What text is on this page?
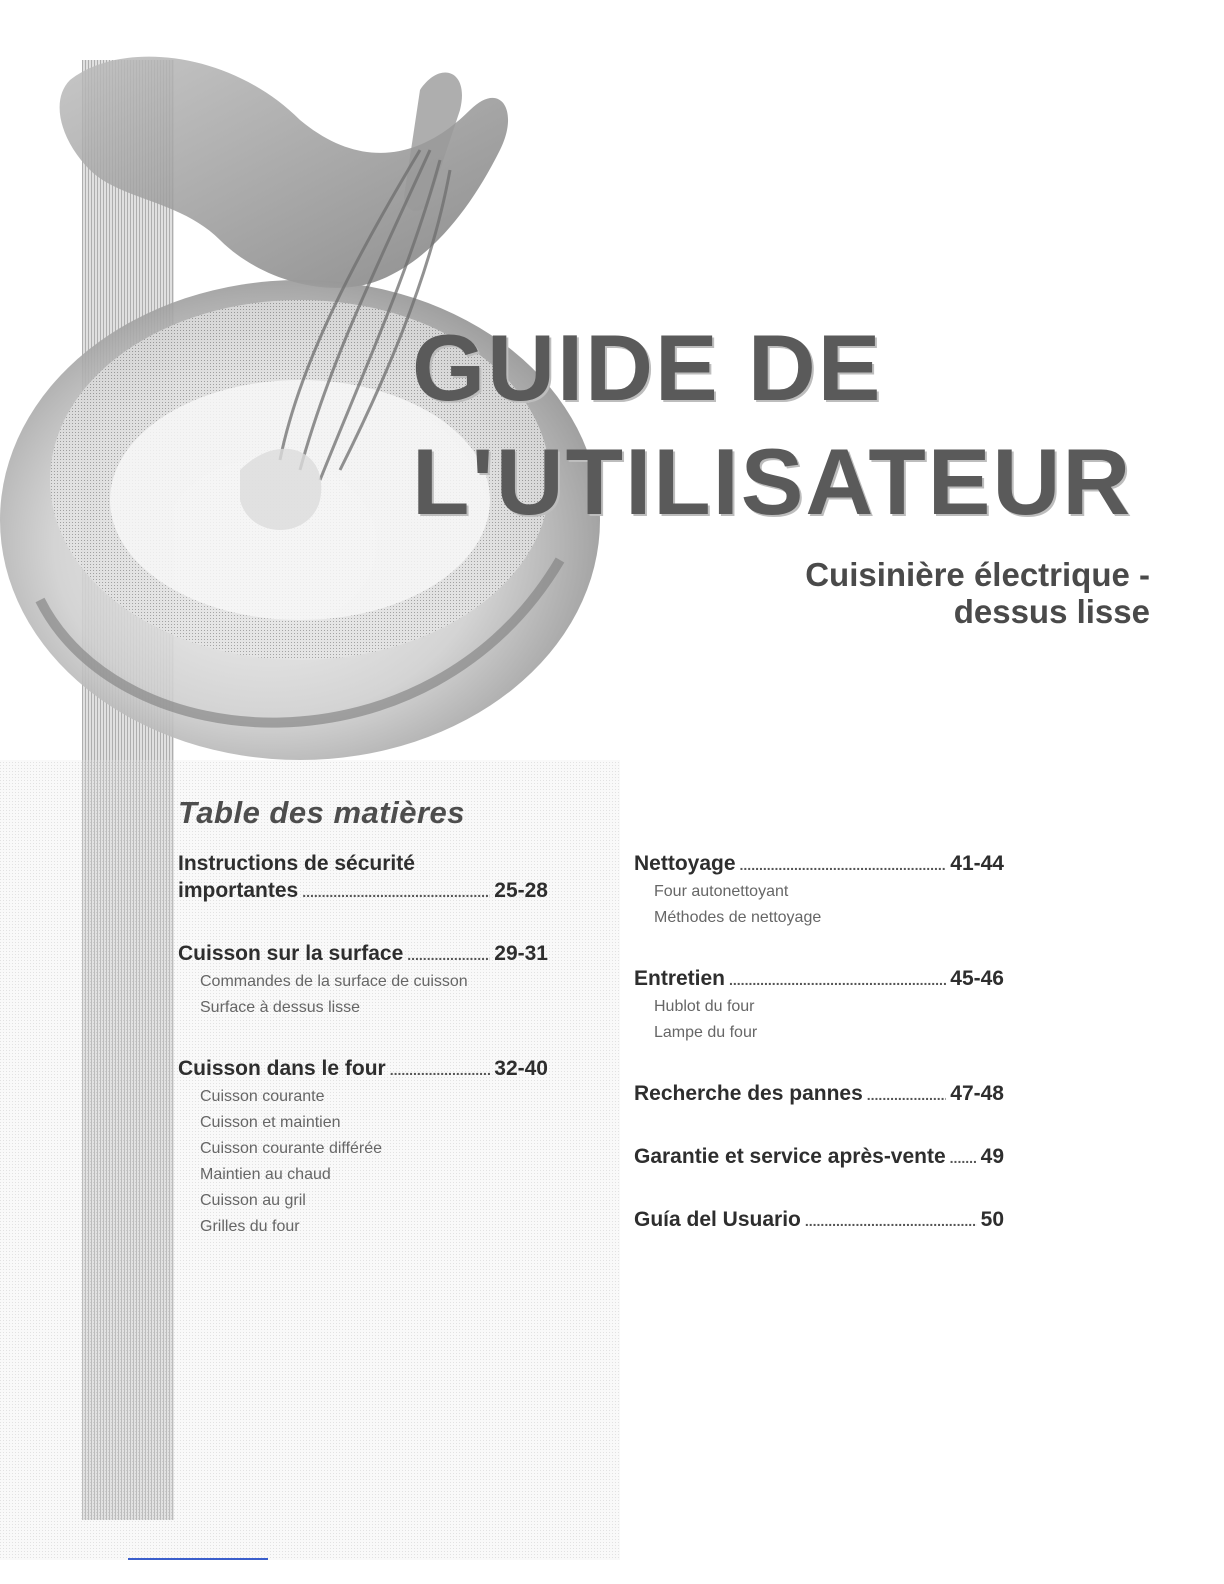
GUIDE DE
L'UTILISATEUR
Cuisinière électrique -
dessus lisse
Table des matières
Instructions de sécurité
importantes .....	25-28
Cuisson sur la surface .....	29-31
Commandes de la surface de cuisson
Surface à dessus lisse
Cuisson dans le four .....	32-40
Cuisson courante
Cuisson et maintien
Cuisson courante différée
Maintien au chaud
Cuisson au gril
Grilles du four
Nettoyage .....	41-44
Four autonettoyant
Méthodes de nettoyage
Entretien .....	45-46
Hublot du four
Lampe du four
Recherche des pannes .....	47-48
Garantie et service après-vente ..... 49
Guía del Usuario .....	50
